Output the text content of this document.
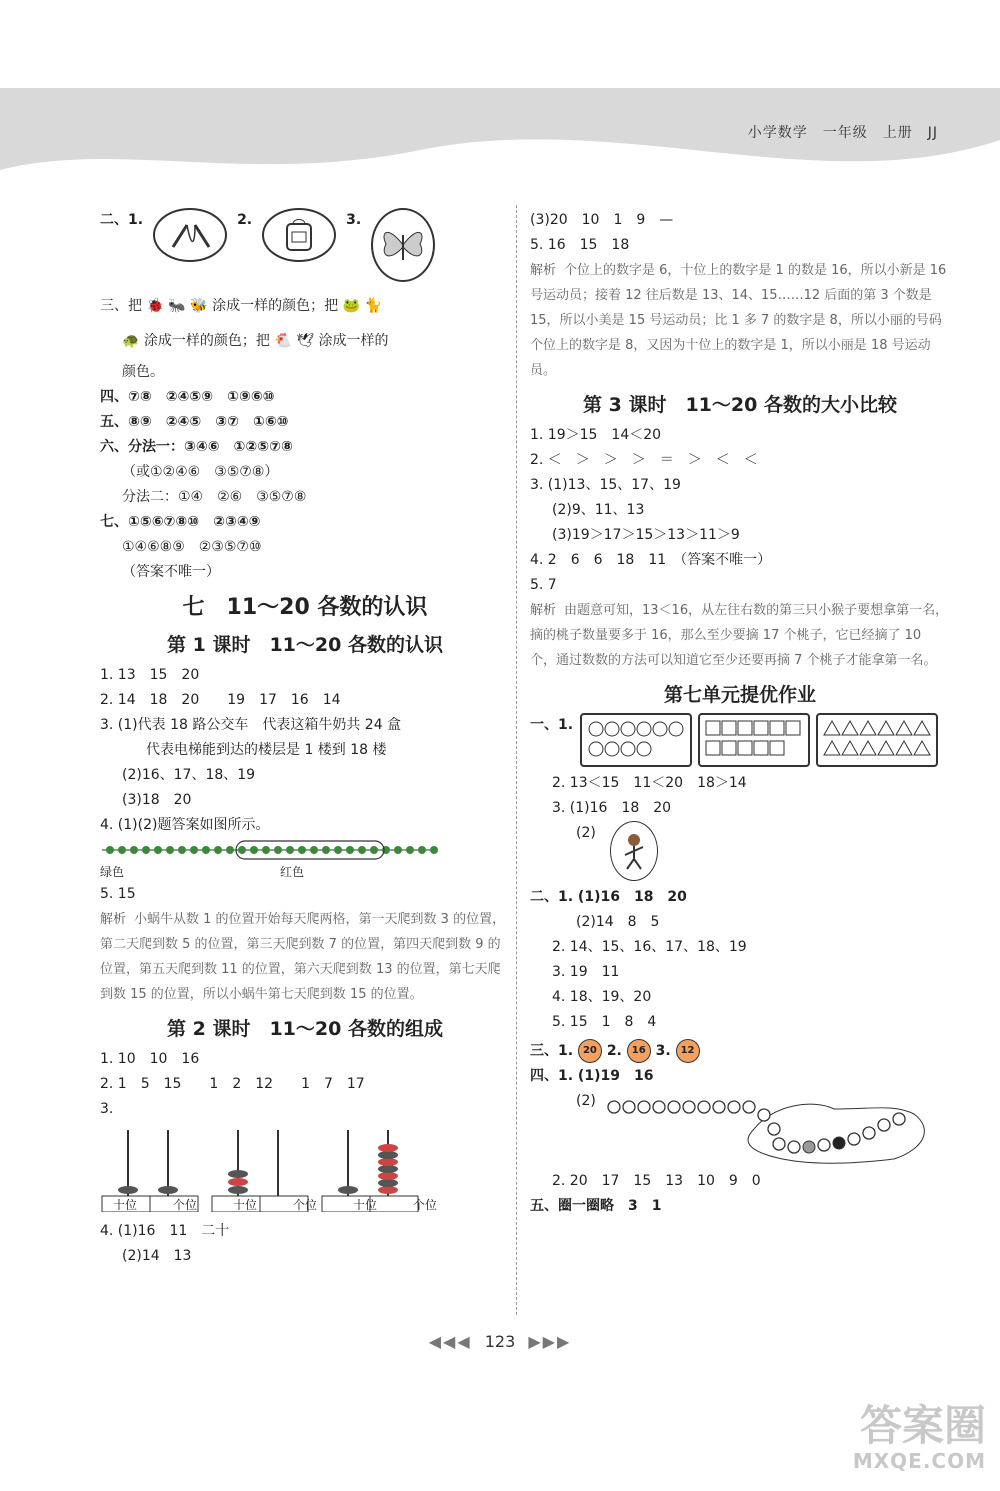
小学数学　一年级　上册　JJ
二、1.	2.	3.
三、把 🐞 🐜 🐝 涂成一样的颜色；把 🐸 🐈
🐢 涂成一样的颜色；把 🐔 🕊 涂成一样的
颜色。
四、⑦⑧　②④⑤⑨　①⑨⑥⑩
五、⑧⑨　②④⑤　③⑦　①⑥⑩
六、分法一：③④⑥　①②⑤⑦⑧
（或①②④⑥　③⑤⑦⑧）
分法二：①④　②⑥　③⑤⑦⑧
七、①⑤⑥⑦⑧⑩　②③④⑨
①④⑥⑧⑨　②③⑤⑦⑩
（答案不唯一）
七　11～20 各数的认识
第 1 课时　11～20 各数的认识
1. 13　15　20
2. 14　18　20　　19　17　16　14
3. (1)代表 18 路公交车　代表这箱牛奶共 24 盒
代表电梯能到达的楼层是 1 楼到 18 楼
(2)16、17、18、19
(3)18　20
4. (1)(2)题答案如图所示。
绿色	红色
5. 15
解析 小蜗牛从数 1 的位置开始每天爬两格，第一天爬到数 3 的位置，第二天爬到数 5 的位置，第三天爬到数 7 的位置，第四天爬到数 9 的位置，第五天爬到数 11 的位置，第六天爬到数 13 的位置，第七天爬到数 15 的位置，所以小蜗牛第七天爬到数 15 的位置。
第 2 课时　11～20 各数的组成
1. 10　10　16
2. 1　5　15　　1　2　12　　1　7　17
3.
十位	个位	十位	个位	十位	个位
4. (1)16　11　二十
(2)14　13
(3)20　10　1　9　—
5. 16　15　18
解析 个位上的数字是 6，十位上的数字是 1 的数是 16，所以小新是 16 号运动员；接着 12 往后数是 13、14、15……12 后面的第 3 个数是 15，所以小美是 15 号运动员；比 1 多 7 的数字是 8，所以小丽的号码个位上的数字是 8，又因为十位上的数字是 1，所以小丽是 18 号运动员。
第 3 课时　11～20 各数的大小比较
1. 19＞15　14＜20
2. ＜　＞　＞　＞　＝　＞　＜　＜
3. (1)13、15、17、19
(2)9、11、13
(3)19＞17＞15＞13＞11＞9
4. 2　6　6　18　11　（答案不唯一）
5. 7
解析 由题意可知，13＜16，从左往右数的第三只小猴子要想拿第一名，摘的桃子数量要多于 16，那么至少要摘 17 个桃子，它已经摘了 10 个，通过数数的方法可以知道它至少还要再摘 7 个桃子才能拿第一名。
第七单元提优作业
一、1.
2. 13＜15　11＜20　18＞14
3. (1)16　18　20
(2)
二、1. (1)16　18　20
(2)14　8　5
2. 14、15、16、17、18、19
3. 19　11
4. 18、19、20
5. 15　1　8　4
三、1. 20 2. 16 3. 12
四、1. (1)19　16
(2)
2. 20　17　15　13　10　9　0
五、圈一圈略　3　1
◀◀◀ 123 ▶▶▶
答案圈
MXQE.COM
